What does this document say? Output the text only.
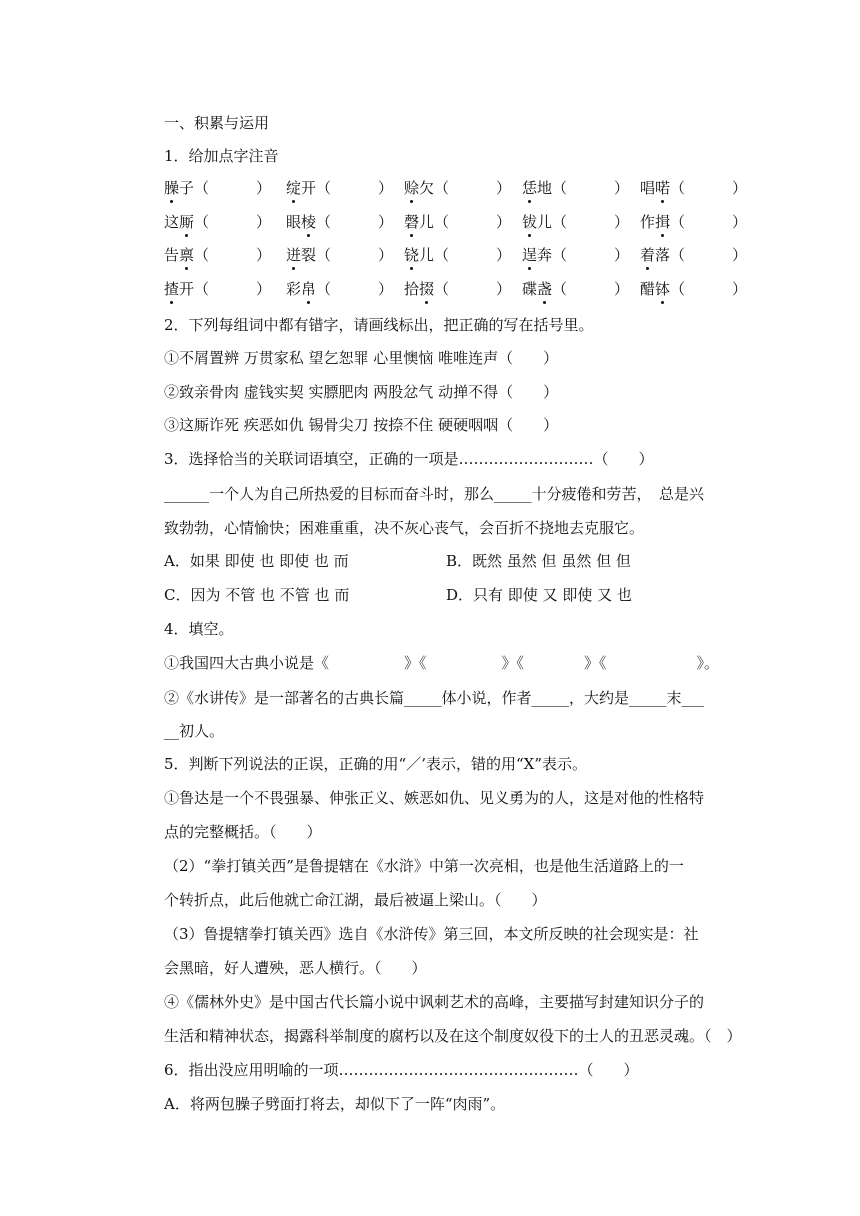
一、积累与运用
1．给加点字注音
臊子（	） 绽开（	） 赊欠（	） 恁地（	） 唱喏（	）
这厮（	） 眼棱（	） 磬儿（	） 钹儿（	） 作揖（	）
告禀（	） 迸裂（	） 铙儿（	） 逞奔（	） 着落（	）
揸开（	） 彩帛（	） 拾掇（	） 碟盏（	） 醋钵（	）
2．下列每组词中都有错字，请画线标出，把正确的写在括号里。
①不屑置辨 万贯家私 望乞恕罪 心里懊恼 唯唯连声（　　）
②致亲骨肉 虚钱实契 实膘肥肉 两股忿气 动掸不得（　　）
③这厮诈死 疾恶如仇 锡骨尖刀 按捺不住 硬硬咽咽（　　）
3．选择恰当的关联词语填空，正确的一项是………………………（　　）
______一个人为自己所热爱的目标而奋斗时，那么_____十分疲倦和劳苦，　总是兴
致勃勃，心情愉快；困难重重，决不灰心丧气，会百折不挠地去克服它。
A．如果 即使 也 即使 也 而	B．既然 虽然 但 虽然 但 但
C．因为 不管 也 不管 也 而	D．只有 即使 又 即使 又 也
4．填空。
①我国四大古典小说是《　　　　　》《　　　　　》《　　　　》《　　　　　　》。
②《水讲传》是一部著名的古典长篇_____体小说，作者_____，大约是_____末___
__初人。
5．判断下列说法的正误，正确的用“／’表示，错的用“X”表示。
①鲁达是一个不畏强暴、伸张正义、嫉恶如仇、见义勇为的人，这是对他的性格特
点的完整概括。（　　）
（2）“拳打镇关西”是鲁提辖在《水浒》中第一次亮相，也是他生活道路上的一
个转折点，此后他就亡命江湖，最后被逼上梁山。（　　）
（3）鲁提辖拳打镇关西》选自《水浒传》第三回，本文所反映的社会现实是：社
会黑暗，好人遭殃，恶人横行。（　　）
④《儒林外史》是中国古代长篇小说中讽刺艺术的高峰，主要描写封建知识分子的
生活和精神状态，揭露科举制度的腐朽以及在这个制度奴役下的士人的丑恶灵魂。（　）
6．指出没应用明喻的一项…………………………………………（　　）
A．将两包臊子劈面打将去，却似下了一阵“肉雨”。
